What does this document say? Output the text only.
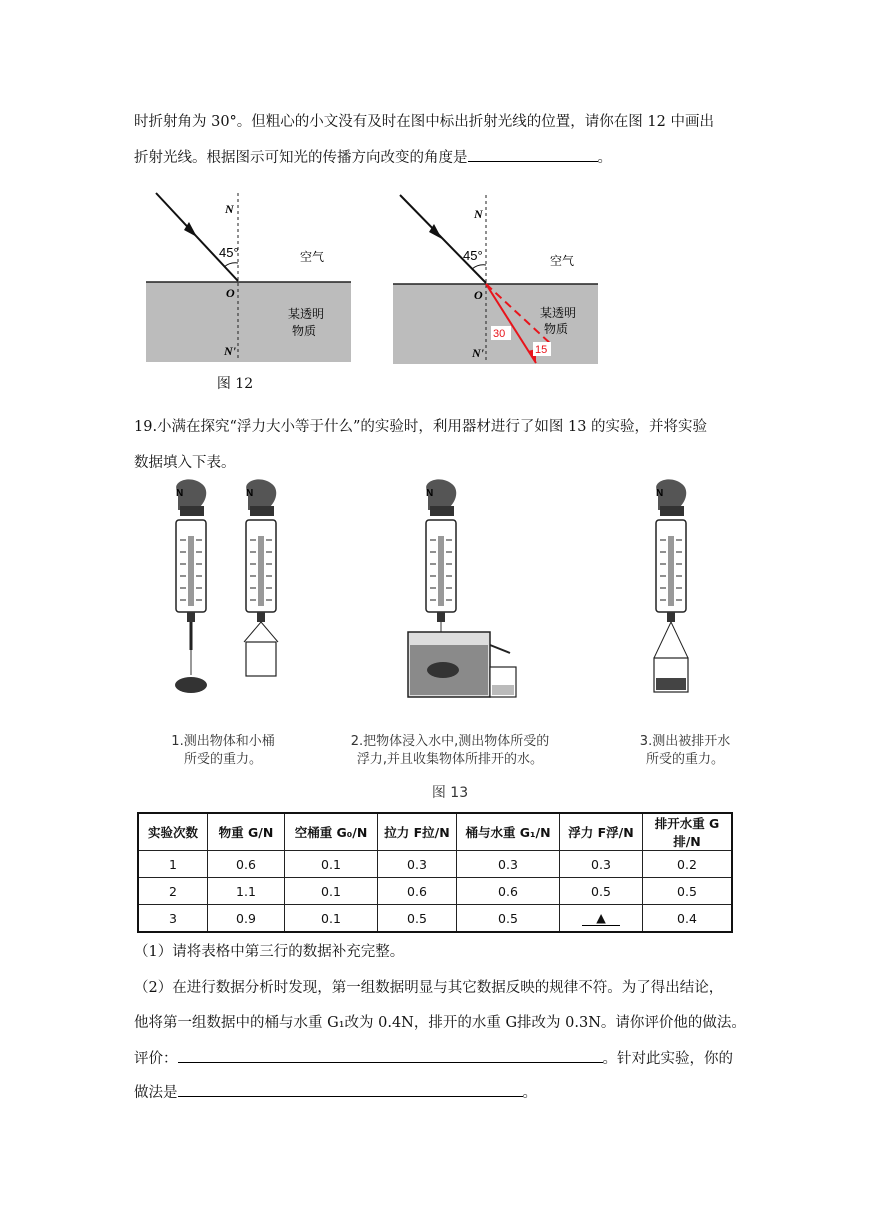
时折射角为 30°。但粗心的小文没有及时在图中标出折射光线的位置，请你在图 12 中画出
折射光线。根据图示可知光的传播方向改变的角度是	。
N
45°	空气
O
某透明
物质
N'
图 12
N
45°	空气
O
某透明
物质
N'
30
15
19.小满在探究“浮力大小等于什么”的实验时，利用器材进行了如图 13 的实验，并将实验
数据填入下表。
N	N	N	N
1.测出物体和小桶
所受的重力。
2.把物体浸入水中,测出物体所受的
浮力,并且收集物体所排开的水。
3.测出被排开水
所受的重力。
图 13
实验次数	物重 G/N	空桶重 G₀/N	拉力 F拉/N	桶与水重 G₁/N	浮力 F浮/N	排开水重 G排/N
1	0.6	0.1	0.3	0.3	0.3	0.2
2	1.1	0.1	0.6	0.6	0.5	0.5
3	0.9	0.1	0.5	0.5	▲	0.4
（1）请将表格中第三行的数据补充完整。
（2）在进行数据分析时发现，第一组数据明显与其它数据反映的规律不符。为了得出结论，
他将第一组数据中的桶与水重 G₁改为 0.4N，排开的水重 G排改为 0.3N。请你评价他的做法。
评价：	。针对此实验，你的
做法是	。
